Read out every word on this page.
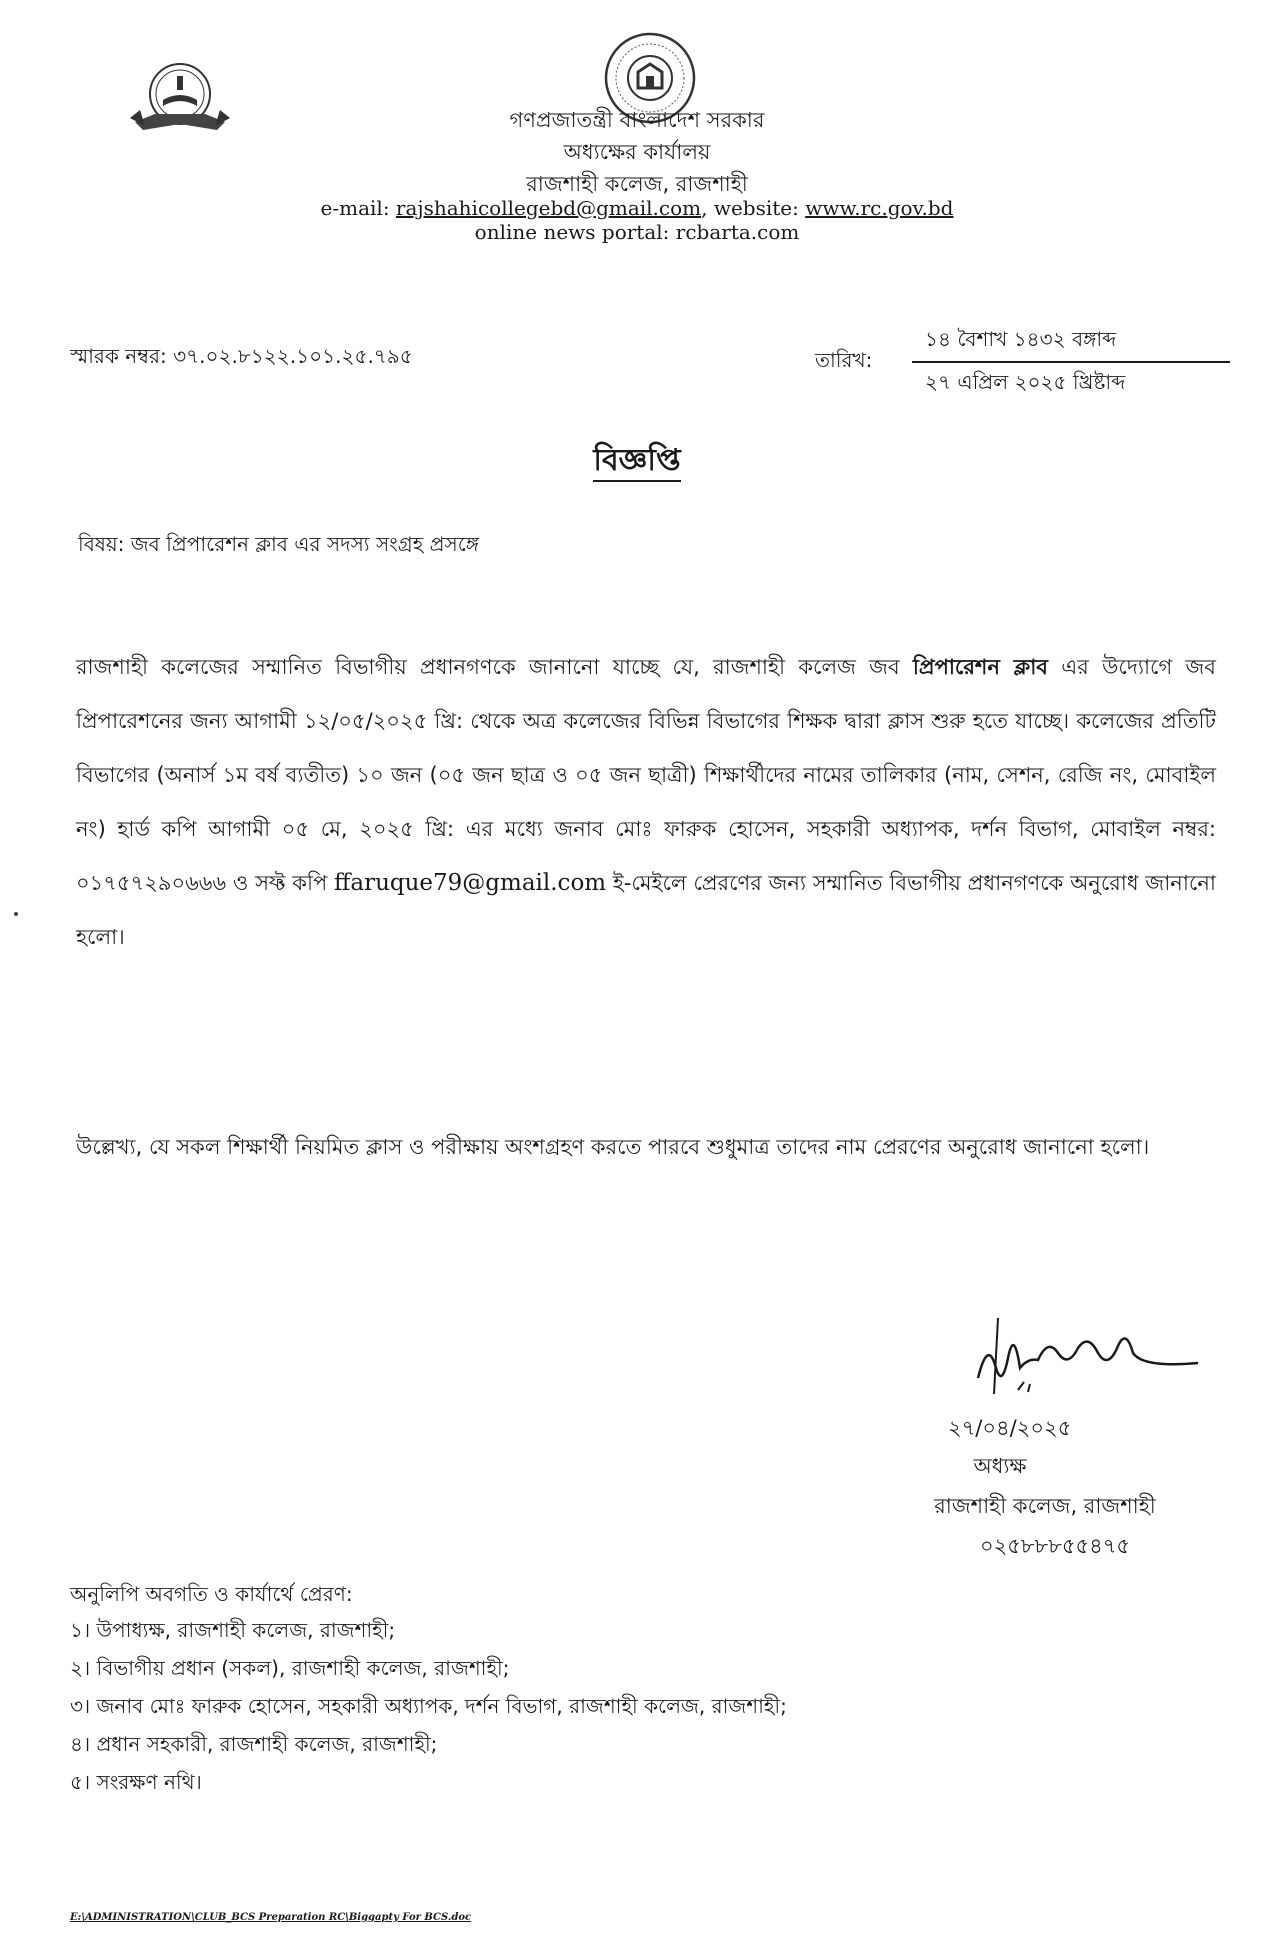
গণপ্রজাতন্ত্রী বাংলাদেশ সরকার
অধ্যক্ষের কার্যালয়
রাজশাহী কলেজ, রাজশাহী
e-mail: rajshahicollegebd@gmail.com, website: www.rc.gov.bd
online news portal: rcbarta.com
স্মারক নম্বর: ৩৭.০২.৮১২২.১০১.২৫.৭৯৫	তারিখ:
১৪ বৈশাখ ১৪৩২ বঙ্গাব্দ
২৭ এপ্রিল ২০২৫ খ্রিষ্টাব্দ
বিজ্ঞপ্তি
বিষয়: জব প্রিপারেশন ক্লাব এর সদস্য সংগ্রহ প্রসঙ্গে
রাজশাহী কলেজের সম্মানিত বিভাগীয় প্রধানগণকে জানানো যাচ্ছে যে, রাজশাহী কলেজ জব প্রিপারেশন ক্লাব এর উদ্যোগে জব প্রিপারেশনের জন্য আগামী ১২/০৫/২০২৫ খ্রি: থেকে অত্র কলেজের বিভিন্ন বিভাগের শিক্ষক দ্বারা ক্লাস শুরু হতে যাচ্ছে। কলেজের প্রতিটি বিভাগের (অনার্স ১ম বর্ষ ব্যতীত) ১০ জন (০৫ জন ছাত্র ও ০৫ জন ছাত্রী) শিক্ষার্থীদের নামের তালিকার (নাম, সেশন, রেজি নং, মোবাইল নং) হার্ড কপি আগামী ০৫ মে, ২০২৫ খ্রি: এর মধ্যে জনাব মোঃ ফারুক হোসেন, সহকারী অধ্যাপক, দর্শন বিভাগ, মোবাইল নম্বর: ০১৭৫৭২৯০৬৬৬ ও সফ্ট কপি ffaruque79@gmail.com ই-মেইলে প্রেরণের জন্য সম্মানিত বিভাগীয় প্রধানগণকে অনুরোধ জানানো হলো।
উল্লেখ্য, যে সকল শিক্ষার্থী নিয়মিত ক্লাস ও পরীক্ষায় অংশগ্রহণ করতে পারবে শুধুমাত্র তাদের নাম প্রেরণের অনুরোধ জানানো হলো।
২৭/০৪/২০২৫
অধ্যক্ষ
রাজশাহী কলেজ, রাজশাহী
০২৫৮৮৮৫৫৪৭৫
অনুলিপি অবগতি ও কার্যার্থে প্রেরণ:
১। উপাধ্যক্ষ, রাজশাহী কলেজ, রাজশাহী;
২। বিভাগীয় প্রধান (সকল), রাজশাহী কলেজ, রাজশাহী;
৩। জনাব মোঃ ফারুক হোসেন, সহকারী অধ্যাপক, দর্শন বিভাগ, রাজশাহী কলেজ, রাজশাহী;
৪। প্রধান সহকারী, রাজশাহী কলেজ, রাজশাহী;
৫। সংরক্ষণ নথি।
E:\ADMINISTRATION\CLUB_BCS Preparation RC\Biggapty For BCS.doc
